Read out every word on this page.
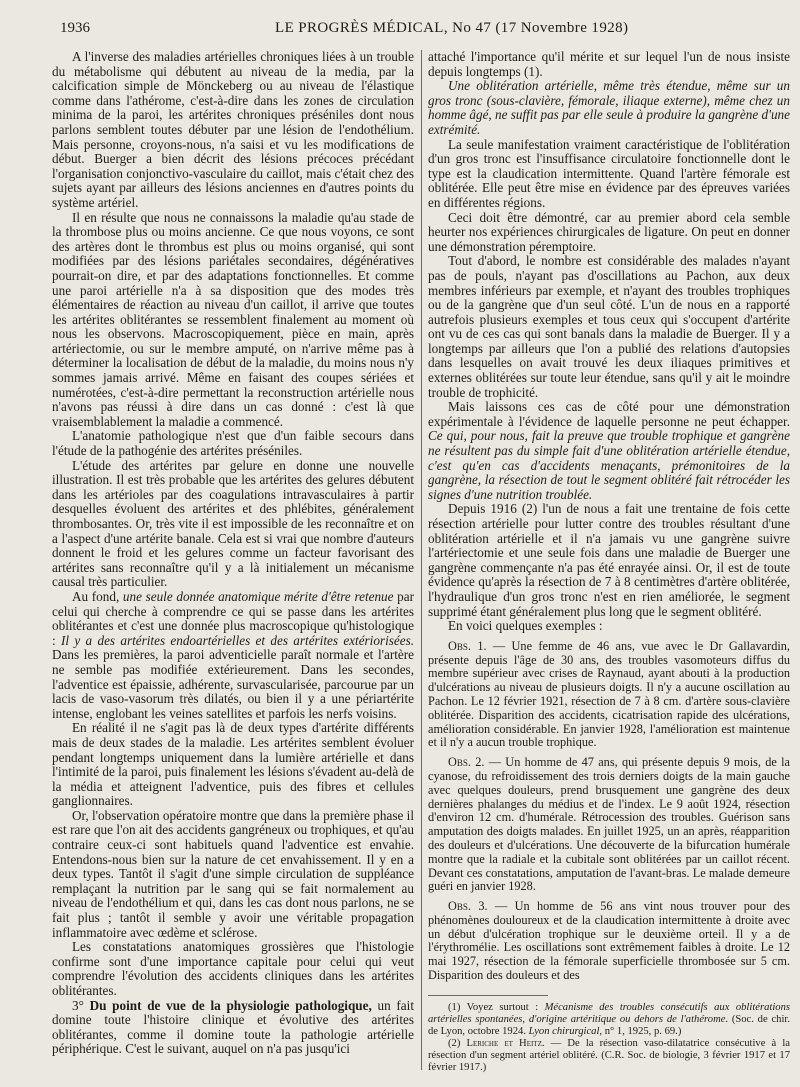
1936	LE PROGRÈS MÉDICAL, No 47 (17 Novembre 1928)

A l'inverse des maladies artérielles chroniques liées à un trouble du métabolisme qui débutent au niveau de la media, par la calcification simple de Mönckeberg ou au niveau de l'élastique comme dans l'athérome, c'est-à-dire dans les zones de circulation minima de la paroi, les artérites chroniques préséniles dont nous parlons semblent toutes débuter par une lésion de l'endothélium. Mais personne, croyons-nous, n'a saisi et vu les modifications de début. Buerger a bien décrit des lésions précoces précédant l'organisation conjonctivo-vasculaire du caillot, mais c'était chez des sujets ayant par ailleurs des lésions anciennes en d'autres points du système artériel.

Il en résulte que nous ne connaissons la maladie qu'au stade de la thrombose plus ou moins ancienne. Ce que nous voyons, ce sont des artères dont le thrombus est plus ou moins organisé, qui sont modifiées par des lésions pariétales secondaires, dégénératives pourrait-on dire, et par des adaptations fonctionnelles. Et comme une paroi artérielle n'a à sa disposition que des modes très élémentaires de réaction au niveau d'un caillot, il arrive que toutes les artérites oblitérantes se ressemblent finalement au moment où nous les observons. Macroscopiquement, pièce en main, après artériectomie, ou sur le membre amputé, on n'arrive même pas à déterminer la localisation de début de la maladie, du moins nous n'y sommes jamais arrivé. Même en faisant des coupes sériées et numérotées, c'est-à-dire permettant la reconstruction artérielle nous n'avons pas réussi à dire dans un cas donné : c'est là que vraisemblablement la maladie a commencé.

L'anatomie pathologique n'est que d'un faible secours dans l'étude de la pathogénie des artérites préséniles.

L'étude des artérites par gelure en donne une nouvelle illustration. Il est très probable que les artérites des gelures débutent dans les artérioles par des coagulations intravasculaires à partir desquelles évoluent des artérites et des phlébites, généralement thrombosantes. Or, très vite il est impossible de les reconnaître et on a l'aspect d'une artérite banale. Cela est si vrai que nombre d'auteurs donnent le froid et les gelures comme un facteur favorisant des artérites sans reconnaître qu'il y a là initialement un mécanisme causal très particulier.

Au fond, une seule donnée anatomique mérite d'être retenue par celui qui cherche à comprendre ce qui se passe dans les artérites oblitérantes et c'est une donnée plus macroscopique qu'histologique : Il y a des artérites endoartérielles et des artérites extériorisées. Dans les premières, la paroi adventicielle paraît normale et l'artère ne semble pas modifiée extérieurement. Dans les secondes, l'adventice est épaissie, adhérente, survascularisée, parcourue par un lacis de vaso-vasorum très dilatés, ou bien il y a une périartérite intense, englobant les veines satellites et parfois les nerfs voisins.

En réalité il ne s'agit pas là de deux types d'artérite différents mais de deux stades de la maladie. Les artérites semblent évoluer pendant longtemps uniquement dans la lumière artérielle et dans l'intimité de la paroi, puis finalement les lésions s'évadent au-delà de la média et atteignent l'adventice, puis des fibres et cellules ganglionnaires.

Or, l'observation opératoire montre que dans la première phase il est rare que l'on ait des accidents gangréneux ou trophiques, et qu'au contraire ceux-ci sont habituels quand l'adventice est envahie. Entendons-nous bien sur la nature de cet envahissement. Il y en a deux types. Tantôt il s'agit d'une simple circulation de suppléance remplaçant la nutrition par le sang qui se fait normalement au niveau de l'endothélium et qui, dans les cas dont nous parlons, ne se fait plus ; tantôt il semble y avoir une véritable propagation inflammatoire avec œdème et sclérose.

Les constatations anatomiques grossières que l'histologie confirme sont d'une importance capitale pour celui qui veut comprendre l'évolution des accidents cliniques dans les artérites oblitérantes.

3° Du point de vue de la physiologie pathologique, un fait domine toute l'histoire clinique et évolutive des artérites oblitérantes, comme il domine toute la pathologie artérielle périphérique. C'est le suivant, auquel on n'a pas jusqu'ici

attaché l'importance qu'il mérite et sur lequel l'un de nous insiste depuis longtemps (1).

Une oblitération artérielle, même très étendue, même sur un gros tronc (sous-clavière, fémorale, iliaque externe), même chez un homme âgé, ne suffit pas par elle seule à produire la gangrène d'une extrémité.

La seule manifestation vraiment caractéristique de l'oblitération d'un gros tronc est l'insuffisance circulatoire fonctionnelle dont le type est la claudication intermittente. Quand l'artère fémorale est oblitérée. Elle peut être mise en évidence par des épreuves variées en différentes régions.

Ceci doit être démontré, car au premier abord cela semble heurter nos expériences chirurgicales de ligature. On peut en donner une démonstration péremptoire.

Tout d'abord, le nombre est considérable des malades n'ayant pas de pouls, n'ayant pas d'oscillations au Pachon, aux deux membres inférieurs par exemple, et n'ayant des troubles trophiques ou de la gangrène que d'un seul côté. L'un de nous en a rapporté autrefois plusieurs exemples et tous ceux qui s'occupent d'artérite ont vu de ces cas qui sont banals dans la maladie de Buerger. Il y a longtemps par ailleurs que l'on a publié des relations d'autopsies dans lesquelles on avait trouvé les deux iliaques primitives et externes oblitérées sur toute leur étendue, sans qu'il y ait le moindre trouble de trophicité.

Mais laissons ces cas de côté pour une démonstration expérimentale à l'évidence de laquelle personne ne peut échapper. Ce qui, pour nous, fait la preuve que trouble trophique et gangrène ne résultent pas du simple fait d'une oblitération artérielle étendue, c'est qu'en cas d'accidents menaçants, prémonitoires de la gangrène, la résection de tout le segment oblitéré fait rétrocéder les signes d'une nutrition troublée.

Depuis 1916 (2) l'un de nous a fait une trentaine de fois cette résection artérielle pour lutter contre des troubles résultant d'une oblitération artérielle et il n'a jamais vu une gangrène suivre l'artériectomie et une seule fois dans une maladie de Buerger une gangrène commençante n'a pas été enrayée ainsi. Or, il est de toute évidence qu'après la résection de 7 à 8 centimètres d'artère oblitérée, l'hydraulique d'un gros tronc n'est en rien améliorée, le segment supprimé étant généralement plus long que le segment oblitéré.

En voici quelques exemples :

Obs. 1. — Une femme de 46 ans, vue avec le Dr Gallavardin, présente depuis l'âge de 30 ans, des troubles vasomoteurs diffus du membre supérieur avec crises de Raynaud, ayant abouti à la production d'ulcérations au niveau de plusieurs doigts. Il n'y a aucune oscillation au Pachon. Le 12 février 1921, résection de 7 à 8 cm. d'artère sous-clavière oblitérée. Disparition des accidents, cicatrisation rapide des ulcérations, amélioration considérable. En janvier 1928, l'amélioration est maintenue et il n'y a aucun trouble trophique.

Obs. 2. — Un homme de 47 ans, qui présente depuis 9 mois, de la cyanose, du refroidissement des trois derniers doigts de la main gauche avec quelques douleurs, prend brusquement une gangrène des deux dernières phalanges du médius et de l'index. Le 9 août 1924, résection d'environ 12 cm. d'humérale. Rétrocession des troubles. Guérison sans amputation des doigts malades. En juillet 1925, un an après, réapparition des douleurs et d'ulcérations. Une découverte de la bifurcation humérale montre que la radiale et la cubitale sont oblitérées par un caillot récent. Devant ces constatations, amputation de l'avant-bras. Le malade demeure guéri en janvier 1928.

Obs. 3. — Un homme de 56 ans vint nous trouver pour des phénomènes douloureux et de la claudication intermittente à droite avec un début d'ulcération trophique sur le deuxième orteil. Il y a de l'érythromélie. Les oscillations sont extrêmement faibles à droite. Le 12 mai 1927, résection de la fémorale superficielle thrombosée sur 5 cm. Disparition des douleurs et des

(1) Voyez surtout : Mécanisme des troubles consécutifs aux oblitérations artérielles spontanées, d'origine artéritique ou dehors de l'athérome. (Soc. de chir. de Lyon, octobre 1924. Lyon chirurgical, n° 1, 1925, p. 69.)

(2) Leriche et Heitz. — De la résection vaso-dilatatrice consécutive à la résection d'un segment artériel oblitéré. (C.R. Soc. de biologie, 3 février 1917 et 17 février 1917.)
